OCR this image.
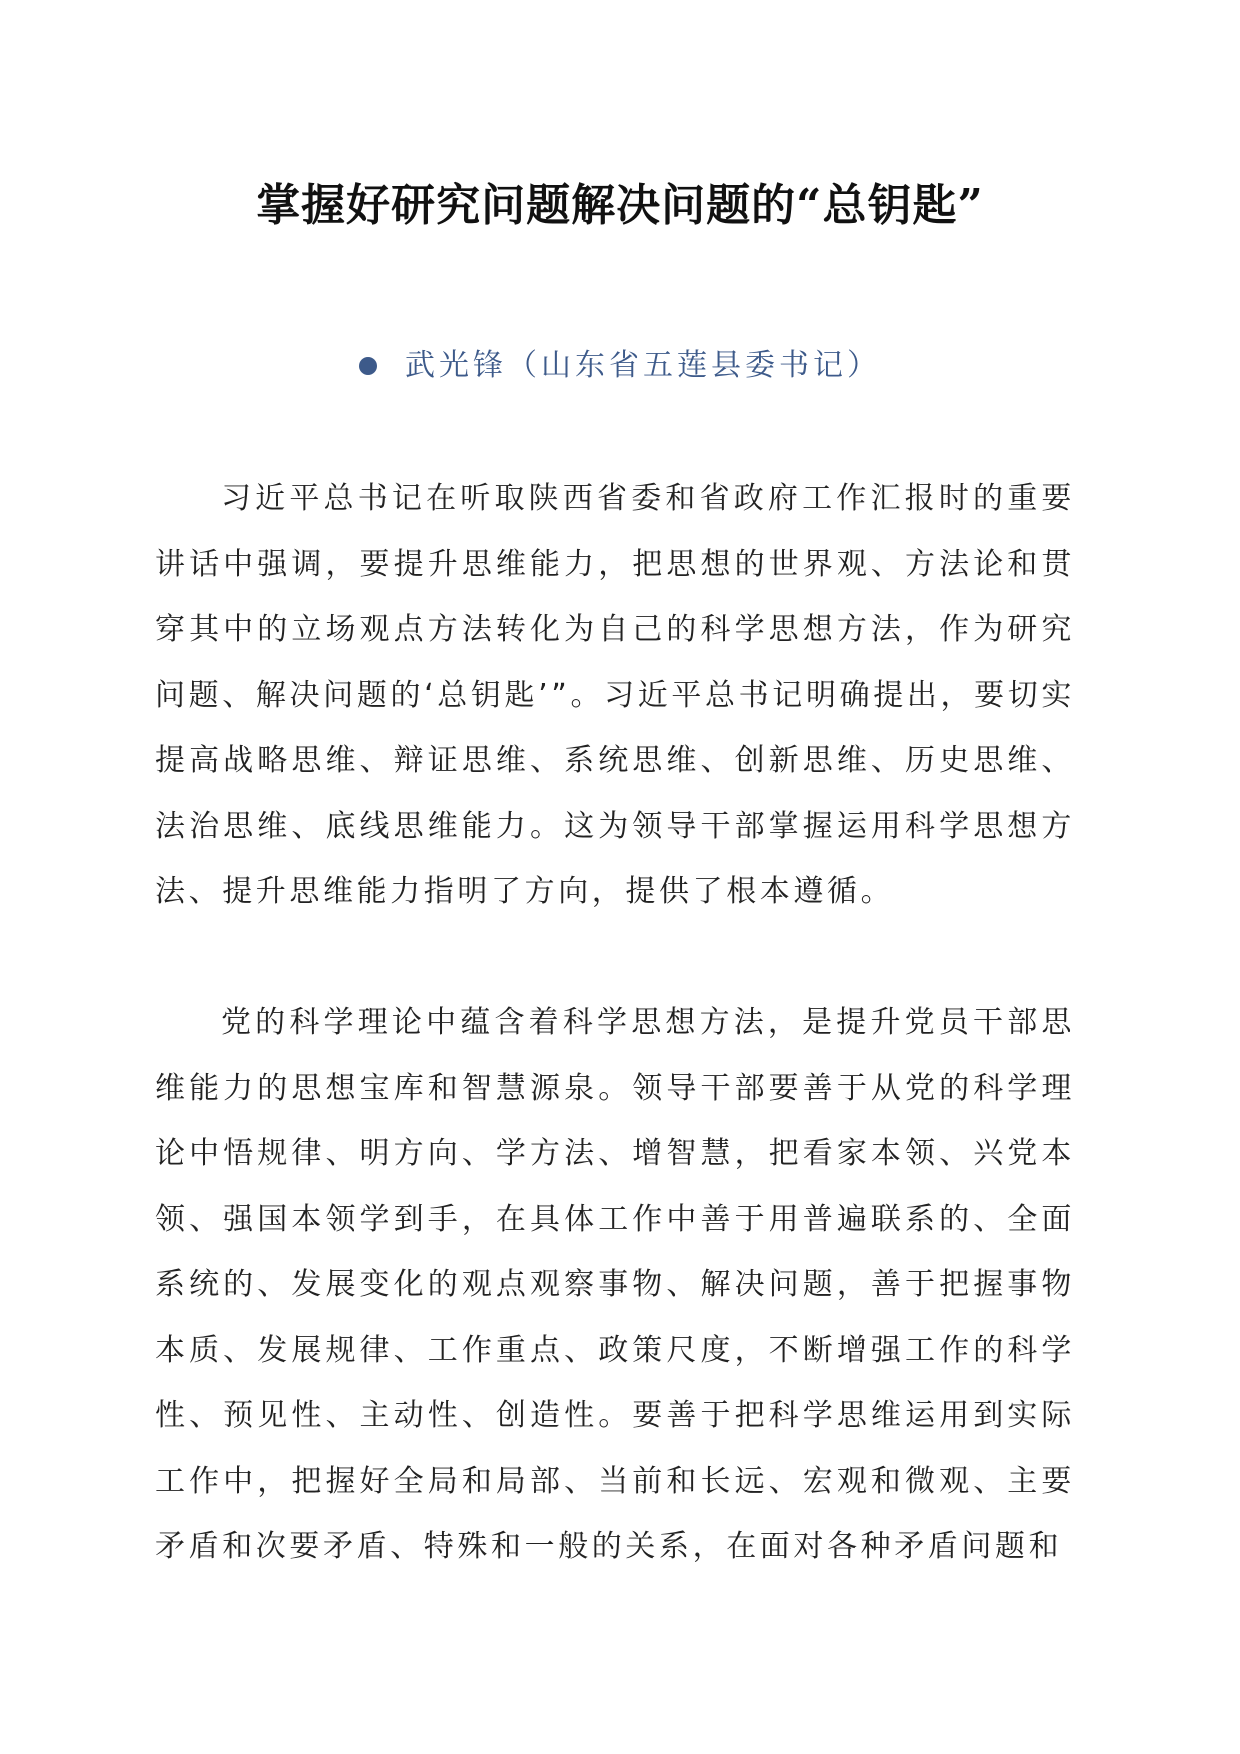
掌握好研究问题解决问题的“总钥匙”
武光锋（山东省五莲县委书记）

习近平总书记在听取陕西省委和省政府工作汇报时的重要讲话中强调，要提升思维能力，把思想的世界观、方法论和贯穿其中的立场观点方法转化为自己的科学思想方法，作为研究问题、解决问题的‘总钥匙’”。习近平总书记明确提出，要切实提高战略思维、辩证思维、系统思维、创新思维、历史思维、法治思维、底线思维能力。这为领导干部掌握运用科学思想方法、提升思维能力指明了方向，提供了根本遵循。

党的科学理论中蕴含着科学思想方法，是提升党员干部思维能力的思想宝库和智慧源泉。领导干部要善于从党的科学理论中悟规律、明方向、学方法、增智慧，把看家本领、兴党本领、强国本领学到手，在具体工作中善于用普遍联系的、全面系统的、发展变化的观点观察事物、解决问题，善于把握事物本质、发展规律、工作重点、政策尺度，不断增强工作的科学性、预见性、主动性、创造性。要善于把科学思维运用到实际工作中，把握好全局和局部、当前和长远、宏观和微观、主要矛盾和次要矛盾、特殊和一般的关系，在面对各种矛盾问题和
